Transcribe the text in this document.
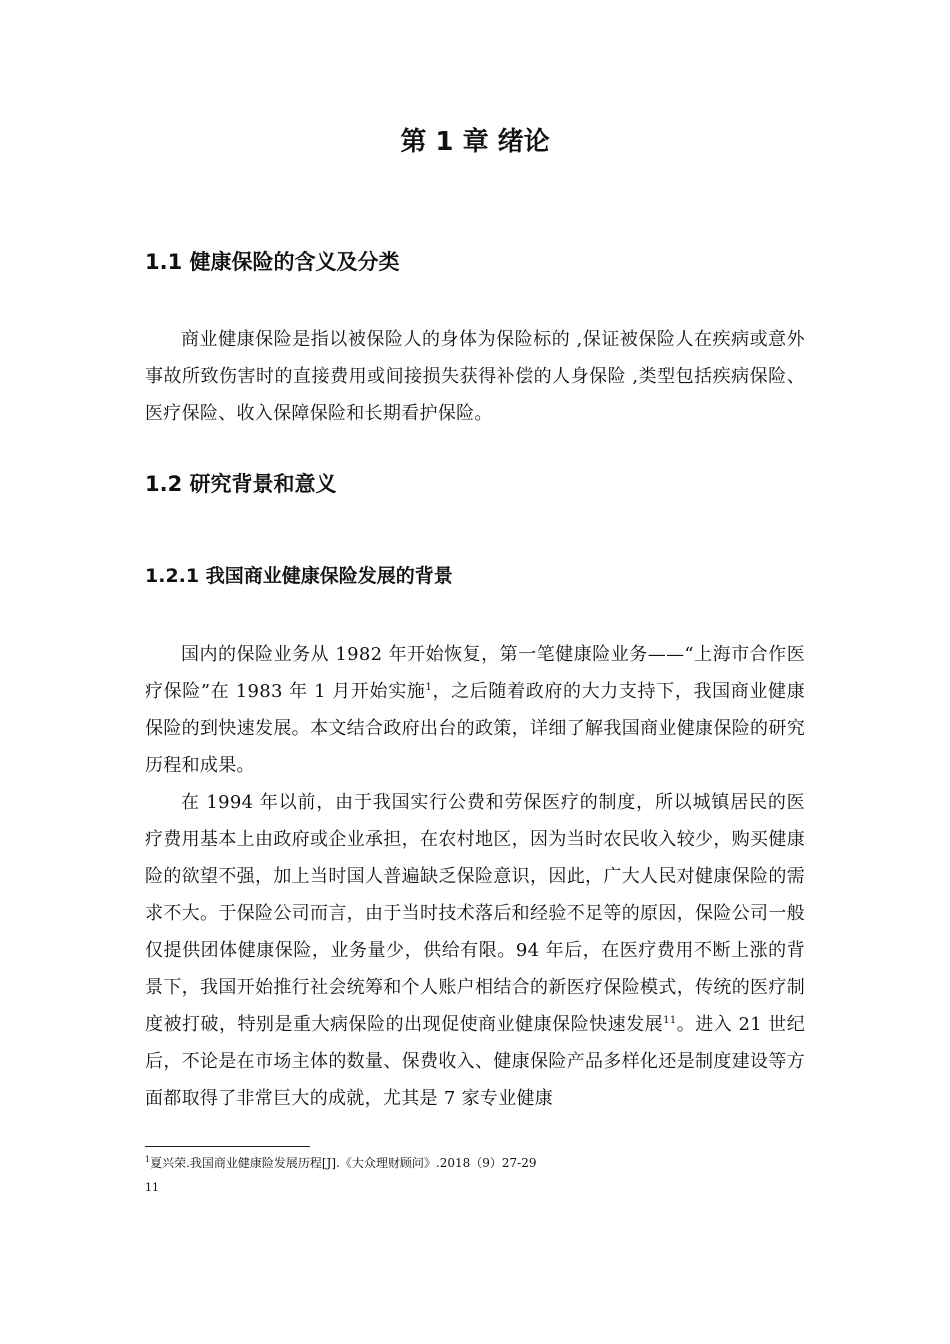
第 1 章 绪论
1.1 健康保险的含义及分类

商业健康保险是指以被保险人的身体为保险标的 ,保证被保险人在疾病或意外事故所致伤害时的直接费用或间接损失获得补偿的人身保险 ,类型包括疾病保险、医疗保险、收入保障保险和长期看护保险。

1.2 研究背景和意义
1.2.1 我国商业健康保险发展的背景

国内的保险业务从 1982 年开始恢复，第一笔健康险业务——“上海市合作医疗保险”在 1983 年 1 月开始实施$^1$，之后随着政府的大力支持下，我国商业健康保险的到快速发展。本文结合政府出台的政策，详细了解我国商业健康保险的研究历程和成果。

在 1994 年以前，由于我国实行公费和劳保医疗的制度，所以城镇居民的医疗费用基本上由政府或企业承担，在农村地区，因为当时农民收入较少，购买健康险的欲望不强，加上当时国人普遍缺乏保险意识，因此，广大人民对健康保险的需求不大。于保险公司而言，由于当时技术落后和经验不足等的原因，保险公司一般仅提供团体健康保险，业务量少，供给有限。94 年后，在医疗费用不断上涨的背景下，我国开始推行社会统筹和个人账户相结合的新医疗保险模式，传统的医疗制度被打破，特别是重大病保险的出现促使商业健康保险快速发展$^{11}$。进入 21 世纪后，不论是在市场主体的数量、保费收入、健康保险产品多样化还是制度建设等方面都取得了非常巨大的成就，尤其是 7 家专业健康

$^1$夏兴荣.我国商业健康险发展历程[J].《大众理财顾问》.2018（9）27-29

11
